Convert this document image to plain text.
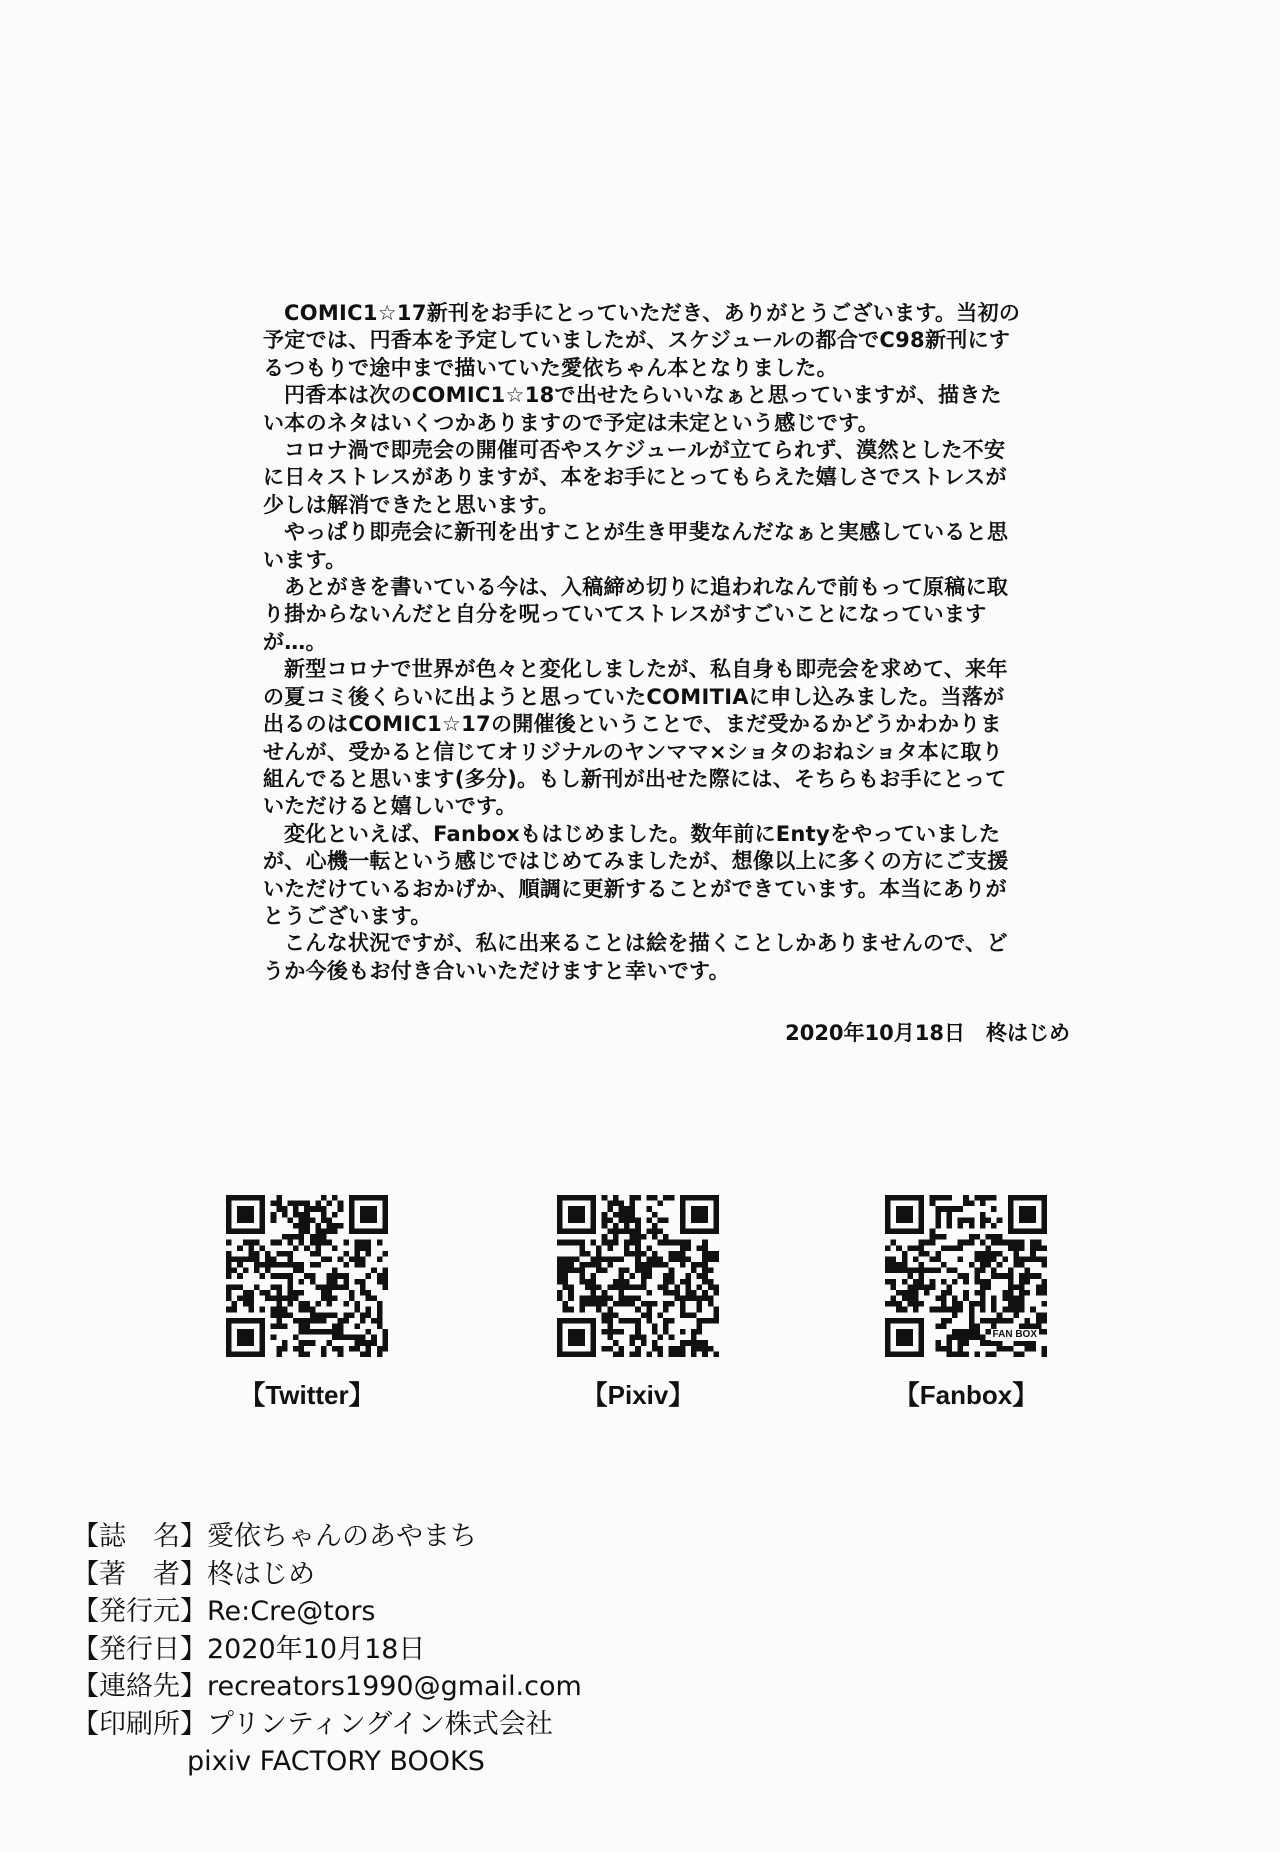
COMIC1☆17新刊をお手にとっていただき、ありがとうございます。当初の予定では、円香本を予定していましたが、スケジュールの都合でC98新刊にするつもりで途中まで描いていた愛依ちゃん本となりました。

円香本は次のCOMIC1☆18で出せたらいいなぁと思っていますが、描きたい本のネタはいくつかありますので予定は未定という感じです。

コロナ渦で即売会の開催可否やスケジュールが立てられず、漠然とした不安に日々ストレスがありますが、本をお手にとってもらえた嬉しさでストレスが少しは解消できたと思います。

やっぱり即売会に新刊を出すことが生き甲斐なんだなぁと実感していると思います。

あとがきを書いている今は、入稿締め切りに追われなんで前もって原稿に取り掛からないんだと自分を呪っていてストレスがすごいことになっていますが…。

新型コロナで世界が色々と変化しましたが、私自身も即売会を求めて、来年の夏コミ後くらいに出ようと思っていたCOMITIAに申し込みました。当落が出るのはCOMIC1☆17の開催後ということで、まだ受かるかどうかわかりませんが、受かると信じてオリジナルのヤンママ×ショタのおねショタ本に取り組んでると思います(多分)。もし新刊が出せた際には、そちらもお手にとっていただけると嬉しいです。

変化といえば、Fanboxもはじめました。数年前にEntyをやっていましたが、心機一転という感じではじめてみましたが、想像以上に多くの方にご支援いただけているおかげか、順調に更新することができています。本当にありがとうございます。

こんな状況ですが、私に出来ることは絵を描くことしかありませんので、どうか今後もお付き合いいただけますと幸いです。

2020年10月18日　柊はじめ
【Twitter】	【Pixiv】
FAN BOX
【Fanbox】
【誌　名】 愛依ちゃんのあやまち
【著　者】 柊はじめ
【発行元】 Re:Cre@tors
【発行日】 2020年10月18日
【連絡先】 recreators1990@gmail.com
【印刷所】 プリンティングイン株式会社
pixiv FACTORY BOOKS
